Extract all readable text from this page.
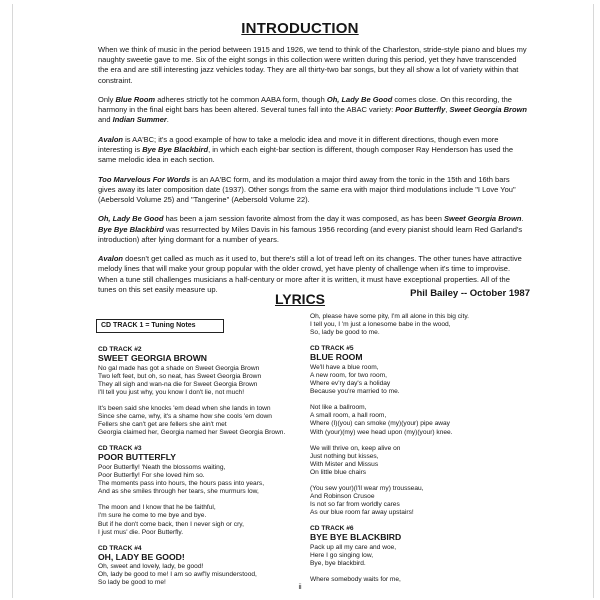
INTRODUCTION

When we think of music in the period between 1915 and 1926, we tend to think of the Charleston, stride-style piano and blues my naughty sweetie gave to me. Six of the eight songs in this collection were written during this period, yet they have transcended the era and are still interesting jazz vehicles today. They are all thirty-two bar songs, but they all show a lot of variety within that constraint.

Only Blue Room adheres strictly tot he common AABA form, though Oh, Lady Be Good comes close. On this recording, the harmony in the final eight bars has been altered. Several tunes fall into the ABAC variety: Poor Butterfly, Sweet Georgia Brown and Indian Summer.

Avalon is AA'BC; it's a good example of how to take a melodic idea and move it in different directions, though even more interesting is Bye Bye Blackbird, in which each eight-bar section is different, though composer Ray Henderson has used the same melodic idea in each section.

Too Marvelous For Words is an AA'BC form, and its modulation a major third away from the tonic in the 15th and 16th bars gives away its later composition date (1937). Other songs from the same era with major third modulations include "I Love You" (Aebersold Volume 25) and "Tangerine" (Aebersold Volume 22).

Oh, Lady Be Good has been a jam session favorite almost from the day it was composed, as has been Sweet Georgia Brown. Bye Bye Blackbird was resurrected by Miles Davis in his famous 1956 recording (and every pianist should learn Red Garland's introduction) after lying dormant for a number of years.

Avalon doesn't get called as much as it used to, but there's still a lot of tread left on its changes. The other tunes have attractive melody lines that will make your group popular with the older crowd, yet have plenty of challenge when it's time to improvise. When a tune still challenges musicians a half-century or more after it is written, it must have exceptional properties. All of the tunes on this set easily measure up.	Phil Bailey -- October 1987
LYRICS
CD TRACK 1 = Tuning Notes
CD TRACK #2
SWEET GEORGIA BROWN
No gal made has got a shade on Sweet Georgia Brown
Two left feet, but oh, so neat, has Sweet Georgia Brown
They all sigh and wan-na die for Sweet Georgia Brown
I'll tell you just why, you know I don't lie, not much!
It's been said she knocks 'em dead when she lands in town
Since she came, why, it's a shame how she cools 'em down
Fellers she can't get are fellers she ain't met
Georgia claimed her, Georgia named her Sweet Georgia Brown.
CD TRACK #3
POOR BUTTERFLY
Poor Butterfly! 'Neath the blossoms waiting,
Poor Butterfly! For she loved him so.
The moments pass into hours, the hours pass into years,
And as she smiles through her tears, she murmurs low,
The moon and I know that he be faithful,
I'm sure he come to me bye and bye.
But if he don't come back, then I never sigh or cry,
I just mus' die. Poor Butterfly.
CD TRACK #4
OH, LADY BE GOOD!
Oh, sweet and lovely, lady, be good!
Oh, lady be good to me! I am so awf'ly misunderstood,
So lady be good to me!
Oh, please have some pity, I'm all alone in this big city.
I tell you, I 'm just a lonesome babe in the wood,
So, lady be good to me.
CD TRACK #5
BLUE ROOM
We'll have a blue room,
A new room, for two room,
Where ev'ry day's a holiday
Because you're married to me.
Not like a ballroom,
A small room, a hall room,
Where (I)(you) can smoke (my)(your) pipe away
With (your)(my) wee head upon (my)(your) knee.
We will thrive on, keep alive on
Just nothing but kisses,
With Mister and Missus
On little blue chairs
(You sew your)(I'll wear my) trousseau,
And Robinson Crusoe
Is not so far from worldly cares
As our blue room far away upstairs!
CD TRACK #6
BYE BYE BLACKBIRD
Pack up all my care and woe,
Here I go singing low,
Bye, bye blackbird.
Where somebody waits for me,
ii
